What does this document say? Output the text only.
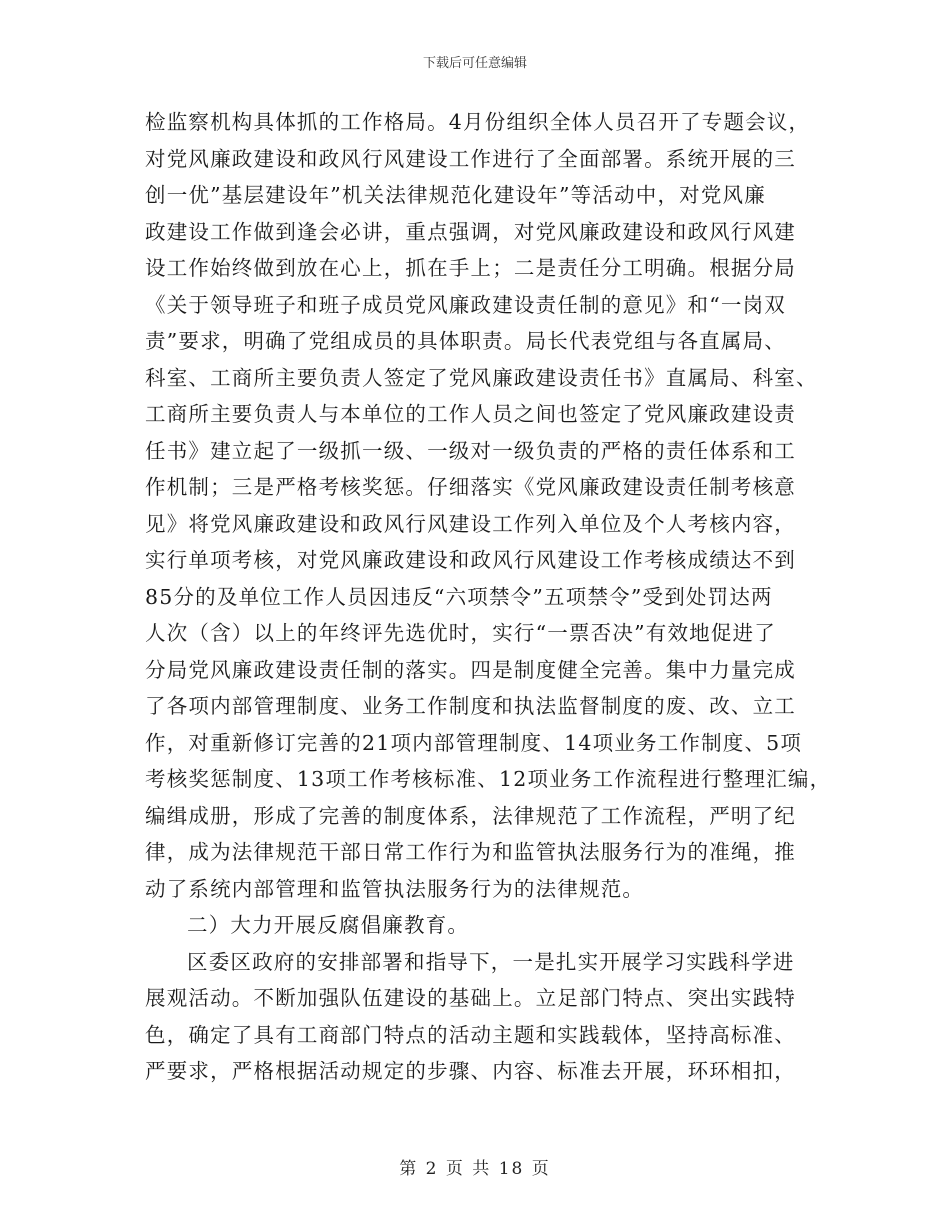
下载后可任意编辑
检监察机构具体抓的工作格局。4月份组织全体人员召开了专题会议，
对党风廉政建设和政风行风建设工作进行了全面部署。系统开展的三
创一优”基层建设年”机关法律规范化建设年”等活动中，对党风廉
政建设工作做到逢会必讲，重点强调，对党风廉政建设和政风行风建
设工作始终做到放在心上，抓在手上；二是责任分工明确。根据分局
《关于领导班子和班子成员党风廉政建设责任制的意见》和“一岗双
责”要求，明确了党组成员的具体职责。局长代表党组与各直属局、
科室、工商所主要负责人签定了党风廉政建设责任书》直属局、科室、
工商所主要负责人与本单位的工作人员之间也签定了党风廉政建设责
任书》建立起了一级抓一级、一级对一级负责的严格的责任体系和工
作机制；三是严格考核奖惩。仔细落实《党风廉政建设责任制考核意
见》将党风廉政建设和政风行风建设工作列入单位及个人考核内容，
实行单项考核，对党风廉政建设和政风行风建设工作考核成绩达不到
85分的及单位工作人员因违反“六项禁令”五项禁令”受到处罚达两
人次（含）以上的年终评先选优时，实行“一票否决”有效地促进了
分局党风廉政建设责任制的落实。四是制度健全完善。集中力量完成
了各项内部管理制度、业务工作制度和执法监督制度的废、改、立工
作，对重新修订完善的21项内部管理制度、14项业务工作制度、5项
考核奖惩制度、13项工作考核标准、12项业务工作流程进行整理汇编，
编缉成册，形成了完善的制度体系，法律规范了工作流程，严明了纪
律，成为法律规范干部日常工作行为和监管执法服务行为的准绳，推
动了系统内部管理和监管执法服务行为的法律规范。
二）大力开展反腐倡廉教育。
区委区政府的安排部署和指导下，一是扎实开展学习实践科学进
展观活动。不断加强队伍建设的基础上。立足部门特点、突出实践特
色，确定了具有工商部门特点的活动主题和实践载体，坚持高标准、
严要求，严格根据活动规定的步骤、内容、标准去开展，环环相扣，
第 2 页 共 18 页
